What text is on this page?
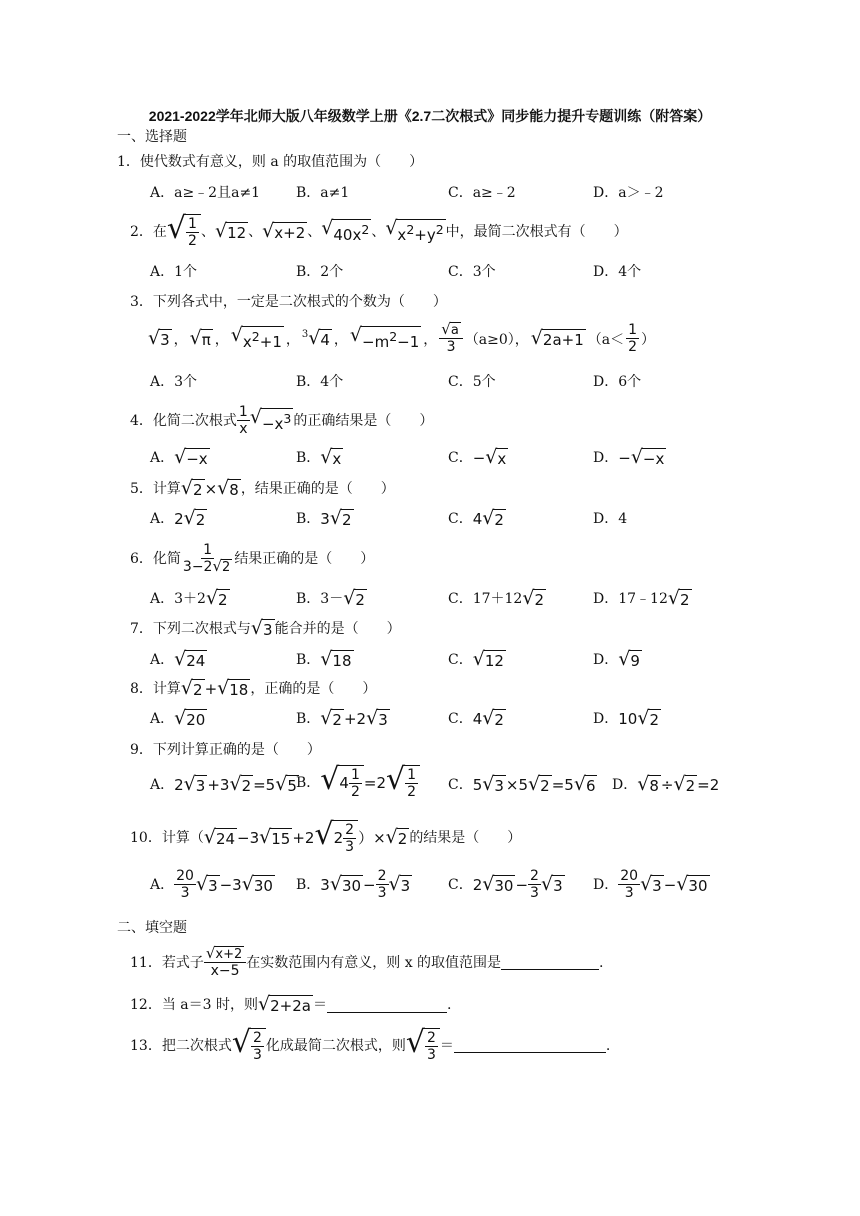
2021-2022学年北师大版八年级数学上册《2.7二次根式》同步能力提升专题训练（附答案）
一、选择题
1．使代数式有意义，则 a 的取值范围为（　　）
A．a≥﹣2且a≠1	B．a≠1	C．a≥﹣2	D．a＞﹣2
2．在 √ $\frac{1}{2}$ 、 √ 12 、 √ x+2 、 √ $40x^2$ 、 √ $x^2+y^2$ 中，最简二次根式有（　　）
A．1个	B．2个	C．3个	D．4个
3．下列各式中，一定是二次根式的个数为（　　）
√ 3 ， √ π ， √ $x^2+1$ ， 3 √ 4 ， √ $-m^2-1$ ， $\frac{√ a}{3} (a\ge 0)$， √ 2a+1 （$a< \frac{1}{2}$ ）
A．3个	B．4个	C．5个	D．6个
4．化简二次根式 $\frac{1}{x}$ √ $-x^3$ 的正确结果是（　　）
A． √ −x	B． √ x	C． − √ x	D． − √ −x
5．计算 √ 2 × √ 8 ，结果正确的是（　　）
A． 2 √ 2	B． 3 √ 2	C． 4 √ 2	D．4
6．化简 $\frac{1}{3-2 √ 2}$ 结果正确的是（　　）
A．3＋2 √ 2	B．3－ √ 2	C．17＋12 √ 2	D．17﹣12 √ 2
7．下列二次根式与 √ 3 能合并的是（　　）
A． √ 24	B． √ 18	C． √ 12	D． √ 9
8．计算 √ 2 + √ 18 ，正确的是（　　）
A． √ 20	B． √ 2 +2 √ 3	C． 4 √ 2	D． 10 √ 2
9．下列计算正确的是（　　）
A． 2 √ 3 +3 √ 2 =5 √ 5 B． √ $4 \frac{1}{2} =2$ √ $\frac{1}{2}$ C． 5 √ 3 ×5 √ 2 =5 √ 6 D． √ 8 ÷ √ 2 =2
10．计算（ √ 24 −3 √ 15 +2 √ $2 \frac{2}{3}$ ）× √ 2 的结果是（　　）
A． $\frac{20}{3}$ √ 3 −3 √ 30 B． 3 √ $30 - \frac{2}{3}$ √ 3	C． 2 √ $30 - \frac{2}{3}$ √ 3 D． $\frac{20}{3}$ √ 3 − √ 30
二、填空题
11．若式子 $\frac{√ x+2}{x-5}$ 在实数范围内有意义，则 x 的取值范围是	.
12．当 a＝3 时，则 √ 2+2a ＝	.
13．把二次根式 √ $\frac{2}{3}$ 化成最简二次根式，则 √ $\frac{2}{3}$ ＝	.
